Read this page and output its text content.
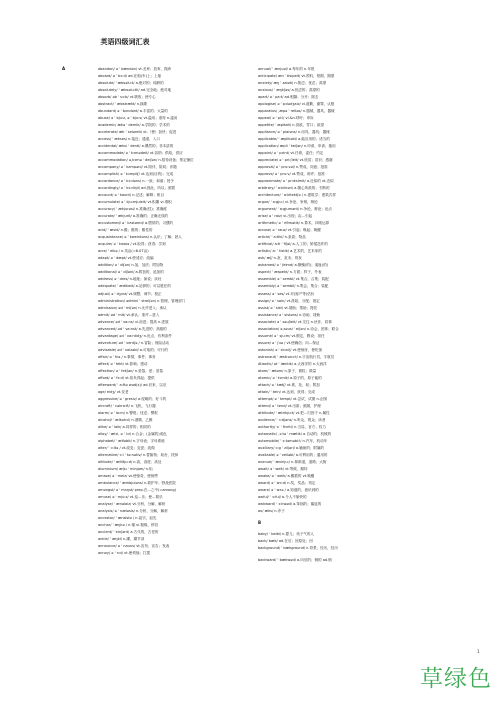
英语四级词汇表
A	abandon/ ə ' bændən/ vt.丢弃；放弃，抛弃
aboard/ ə ' bɔːd/ ad.在船(车)上；上船
absolute/ ' æbsəluːt/ a.绝对的；纯粹的
absolutely/ ' æbsəluːtli/ ad.完全地；绝对地
absorb/ əb ' sɔːb/ vt.吸收；使专心
abstract/ ' æbstrækt/ n.摘要
abundant/ ə ' bʌndənt/ a.丰富的；大量的
abuse/ ə ' bjuːz, ə ' bjuːs/ vt.滥用；虐待 n.滥用
academic/ ækə ' demik/ a.学院的；学术的
accelerate/ æk ' seləreit/ vt.（使）加快；促进
access/ ' ækses/ n.接近；通道，入口
accidental/ æksi ' dentl/ a.偶然的；非本质的
accommodate/ ə ' kɔmədeit/ vt.容纳；供给，供应
accommodation/ ə,kɔmə ' deiʃən/ n.招待设备；预定铺位
accompany/ ə ' kʌmpəni/ vt.陪伴，陪同；伴随
accomplish/ ə ' kɔmpliʃ/ vt.达到(目的)；完成
accordance/ ə ' kɔːdəns/ n.一致；和谐；授予
accordingly/ ə ' kɔːdiŋli/ ad.因此，所以；照着
account/ ə ' kaunt/ n.记述；解释；账目
accumulate/ ə ' kjuːmjuleit/ vt.积累 vi.堆积
accuracy/ ' ækjurəsi/ n.准确(性)；准确度
accurate/ ' ækjurit/ a.准确的；正确无误的
accustomed/ ə ' kʌstəmd/ a.惯常的；习惯的
acid/ ' æsid/ n.酸；酸的；酸性的
acquaintance/ ə ' kweintəns/ n.认识；了解；熟人
acquire/ ə ' kwaiə / vt.取得；获得；学到
acre/ ' eikə / n.英亩(=6.07亩)
adapt/ ə ' dæpt/ vt.使适应；改编
addition/ ə ' diʃən/ n.加，加法；附加物
additional/ ə ' diʃənl/ a.附加的，追加的
address/ ə ' dres/ n.地址；演说；谈吐
adequate/ ' ædikwit/ a.足够的；可以胜任的
adjust/ ə ' dʒʌst/ vt.调整，调节；校正
administration/ ədmini ' streiʃən/ n.管理，管理部门
admission/ əd ' miʃən/ n.允许进入；承认
admit/ əd ' mit/ vt.承认；准许…进入
advance/ əd ' vaːns/ vi.前进；提高 n.进展
advanced/ əd ' vaːnst/ a.先进的；高级的
advantage/ əd ' vaːntidʒ/ n.优点，有利条件
adventure/ əd ' ventʃə / n.冒险；惊险活动
advisable/ əd ' vaizəbl/ a.可取的；可行的
affair/ ə ' fɛə / n.事情，事件；事务
affect/ ə ' fekt/ vt.影响；感动
affection/ ə ' fekʃən/ n.爱慕，爱；爱慕
afford/ ə ' fɔːd/ vt.担负得起；提供
afterward/ ' aːftə wəd(z)/ ad.后来，以后
age/ eidʒ/ vt.变老
aggressive/ ə ' gresiv/ a.侵略的；好斗的
aircraft/ ' ɛəkraːft/ n.飞机，飞行器
alarm/ ə ' laːm/ n.警报；忧虑；警报
alcohol/ ' ælkəhɔl/ n.酒精，乙醇
alike/ ə ' laik/ a.同样的；相同的
alloy/ ' ælɔi, ə ' lɔi/ n.合金；(金属的)成色
alphabet/ ' ælfəbit/ n.字母表；字母系统
alter/ ' ɔːltə / vt.改变；变更；改做
alternative/ ɔːl ' təːnətiv/ n.替换物；取舍，抉择
altitude/ ' æltitjuːd/ n.高，高度；高处
aluminium/ ælju ' minjəm/ n.铝
amaze/ ə ' meiz/ vt.使惊奇，使惊愕
ambulance/ ' æmbjuləns/ n.救护车；野战医院
amongst/ ə ' mʌŋst/ prep.在…之中(=among)
amuse/ ə ' mjuːz/ vt.逗…乐；使…娱乐
analyse/ ' ænəlaiz/ vt.分析，分解，解析
analysis/ ə ' næləsis/ n.分析，分解，解析
ancestor/ ' ænsistə / n.祖宗，祖先
anchor/ ' æŋkə / n.锚 vi.抛锚，停泊
ancient/ ' einʃənt/ a.古代的，古老的
ankle/ ' æŋkl/ n.踝，踝节部
announce/ ə ' nauns/ vt.宣布；宣告；发表
annoy/ ə ' nɔi/ vt.使烦恼；打搅
annual/ ' ænjuəl/ a.每年的 n.年报
anticipate/ æn ' tisipeit/ vt.预料，预期，期望
anxiety/ æŋ ' zaiəti/ n.焦虑；忧虑；渴望
anxious/ ' æŋkʃəs/ a.忧虑的；渴望的
apart/ ə ' paːt/ ad.相隔；分开；除去
apologise/ ə ' pɔlədʒaiz/ vi.道歉，谢罪，认错
apparatus/ ,æpə ' reitəs/ n.器械，器具，器械
appeal/ ə ' piːl/ vi.&n.呼吁；申诉
appetite/ ' æpitait/ n.食欲，胃口；欲望
appliance/ ə ' plaiəns/ n.用具，器具；器械
applicable/ ' æplikəbl/ a.能应用的；适当的
application/ æpli ' keiʃən/ n.申请，申请；施用
appoint/ ə ' pɔint/ vt.任命，委任；约定
appreciate/ ə ' priːʃieit/ vt.欣赏；赏识；感谢
approval/ ə ' pruːvəl/ n.赞成，同意；批准
approve/ ə ' pruːv/ vt.赞成，称许；批准
approximate/ ə ' prɔksimit/ a.近似的 vt.近似
arbitrary/ ' aːbitrəri/ a.随心所欲的；专断的
architecture/ ' aːkitektʃə / n.建筑学；建筑式样
argue/ ' aːgjuː/ vi.争论，争辩，辩论
argument/ ' aːgjumənt/ n.争论，辩论；论点
arise/ ə ' raiz/ vi.出现；由…引起
arithmetic/ ə ' riθmətik/ n.算术，四则运算
arouse/ ə ' rauz/ vt.引起；唤起；唤醒
article/ ' aːtikl/ n.条款；物品
artificial/ aːti ' fiʃəl/ a.人工的；矫揉造作的
artistic/ aː ' tistik/ a.艺术的，艺术家的
ash/ æʃ/ n.灰，灰末；骨灰
ashamed/ ə ' ʃeimd/ a.惭愧(的)；羞耻(的)
aspect/ ' æspekt/ n.方面；样子，外表
assemble/ ə ' sembl/ vt.集合，召集；装配
assembly/ ə ' sembli/ n.集会，集合；装配
assess/ ə ' ses/ vt.对(财产等)估价
assign/ ə ' sain/ vt.派给，分配；指定
assist/ ə ' sist/ vt.援助；帮助；搀扶
assistance/ ə ' sistəns/ n.协助，援助
associate/ ə ' səuʃieit/ vt.交往 n.伙伴，同事
association/ ə,səusi ' eiʃən/ n.协会，团体；联合
assume/ ə ' sjuːm/ vt.假定，假设；担任
assure/ ə ' ʃuə / vt.使确信；向…保证
astonish/ ə ' stɔniʃ/ vt.使惊讶，使吃惊
astronaut/ ' æstrənɔːt/ n.宇宙航行员，宇航员
Atlantic/ ət ' læntik/ a.大西洋的 n.大西洋
atom/ ' ætəm/ n.原子，微粒；微量
atomic/ ə ' tɔmik/ a.原子的，原子能的
attach/ ə ' tætʃ/ vt.系，拴，贴；附加
attain/ ' tein/ vt.达到，获得；完成
attempt/ ə ' tempt/ vt.尝试，试图 n.企图
attend/ ə ' tend/ vt.出席；照顾，护理
attribute/ ' ætribjuːt/ vt.把…归因于 n.属性
audience/ ' ɔːdjəns/ n.听众，观众；读者
authority/ ɔː ' θɔriti/ n.当局，官方；权力
automatic/ ,ɔːtə ' mætik/ a.自动的；机械的
automobile/ ' ɔːtəməbiːl/ n.汽车，机动车
auxiliary/ ɔːg ' ziljəri/ a.辅助的；附属的
available/ ə ' veiləbl/ a.可利用的；通用的
avenue/ ' ævinjuː/ n.林荫道，道路；大街
await/ ə ' weit/ vt.等候，期待
awake/ ə ' weik/ a.醒着的 vt.唤醒
award/ ə ' wɔːd/ n.奖，奖品；判定
aware/ ə ' wɛə / a.知道的，意识到的
awful/ ' ɔːful/ a.令人不愉快的
awkward/ ' ɔːkwəd/ a.笨拙的；尴尬的
ax/ æks/ n.斧子
B
baby/ ' beibi/ n.婴儿；孩子气的人
back/ bæk/ ad.在后；回原处；回
background/ ' bækgraund/ n.背景，经历，经历
backward/ ' bækwəd/ a.向后的；倒的 ad.倒
1
草绿色
